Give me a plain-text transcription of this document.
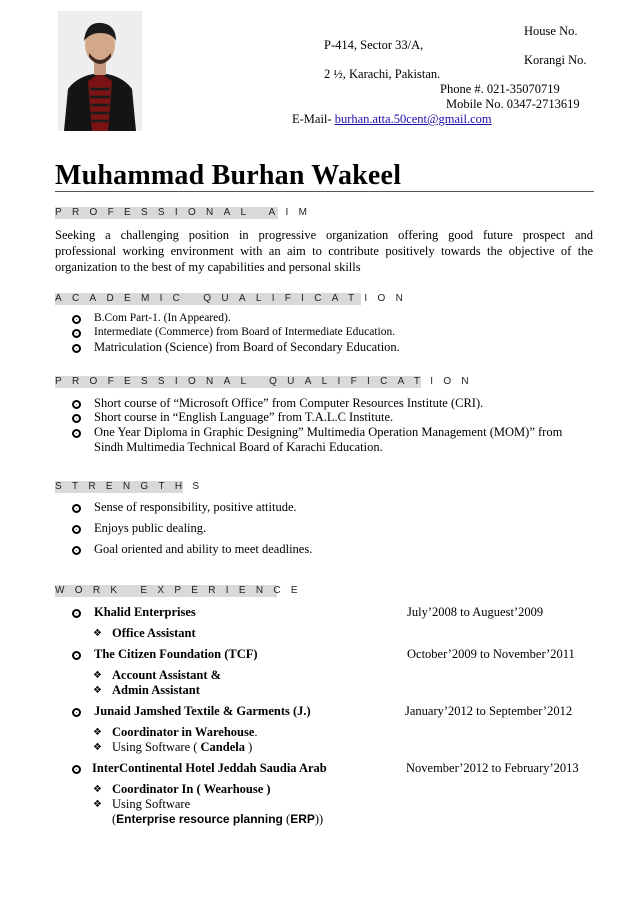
House No.
P-414, Sector 33/A,
Korangi No.
2 ½, Karachi, Pakistan.
Phone #. 021-35070719
Mobile No. 0347-2713619
E-Mail- burhan.atta.50cent@gmail.com
Muhammad Burhan Wakeel
PROFESSIONAL AIM
Seeking a challenging position in progressive organization offering good future prospect and
professional working environment with an aim to contribute positively towards the objective of the
organization to the best of my capabilities and personal skills
ACADEMIC QUALIFICATION
B.Com Part-1. (In Appeared).
Intermediate (Commerce) from Board of Intermediate Education.
Matriculation (Science) from Board of Secondary Education.
PROFESSIONAL QUALIFICATION
Short course of “Microsoft Office” from Computer Resources Institute (CRI).
Short course in “English Language” from T.A.L.C Institute.
One Year Diploma in Graphic Designing” Multimedia Operation Management (MOM)” from
Sindh Multimedia Technical Board of Karachi Education.
STRENGTHS
Sense of responsibility, positive attitude.
Enjoys public dealing.
Goal oriented and ability to meet deadlines.
WORK EXPERIENCE
Khalid Enterprises	July’2008 to Auguest’2009
❖ Office Assistant
The Citizen Foundation (TCF)	October’2009 to November’2011
❖ Account Assistant &
❖ Admin Assistant
Junaid Jamshed Textile & Garments (J.)	January’2012 to September’2012
❖ Coordinator in Warehouse.
❖ Using Software ( Candela )
InterContinental Hotel Jeddah Saudia Arab	November’2012 to February’2013
❖ Coordinator In ( Wearhouse )
❖ Using Software
(Enterprise resource planning (ERP))
